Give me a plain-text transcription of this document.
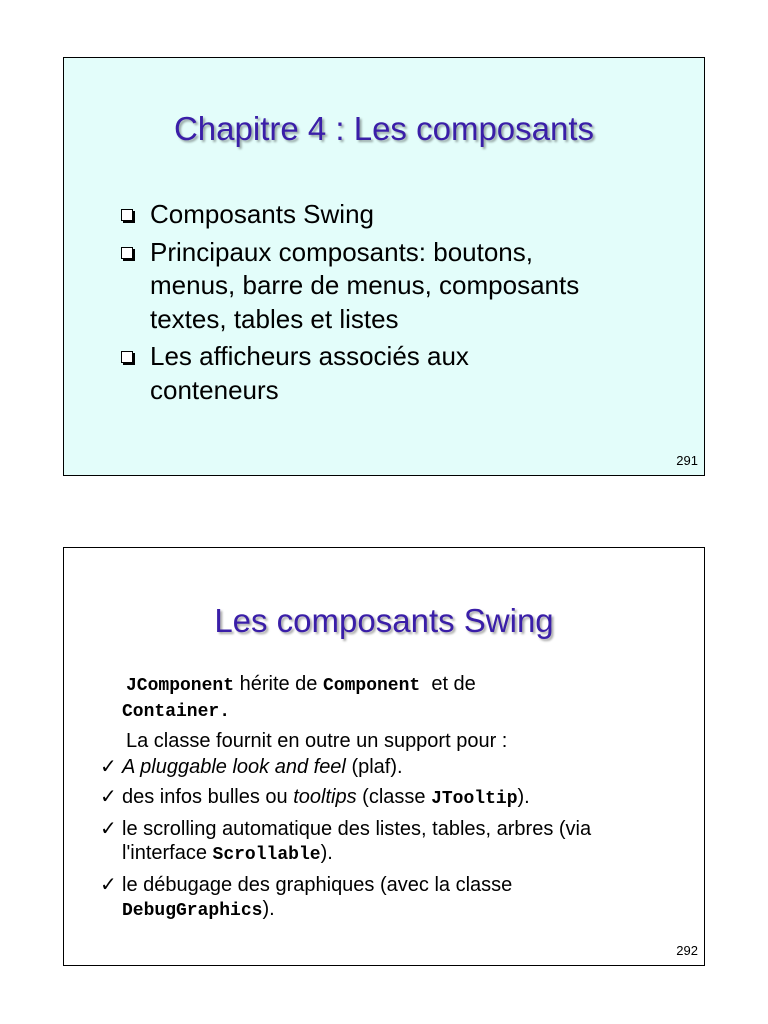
Chapitre 4 : Les composants
Composants Swing
Principaux composants: boutons,
menus, barre de menus, composants
textes, tables et listes
Les afficheurs associés aux
conteneurs
291
Les composants Swing

JComponent hérite de Component  et de

Container.

La classe fournit en outre un support pour :

✓ A pluggable look and feel (plaf).
✓ des infos bulles ou tooltips (classe JTooltip).
✓ le scrolling automatique des listes, tables, arbres (via
l'interface Scrollable).
✓ le débugage des graphiques (avec la classe
DebugGraphics).
292
